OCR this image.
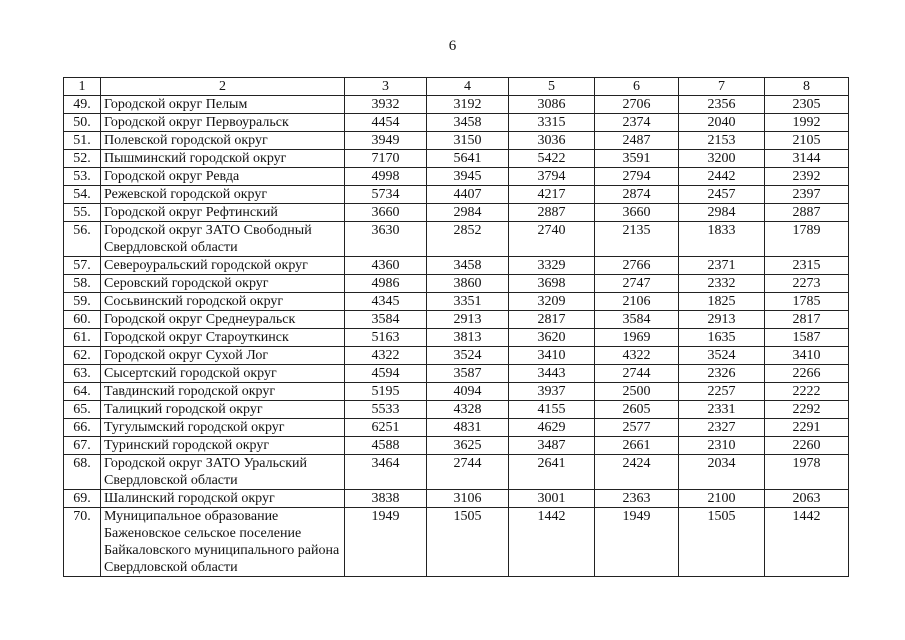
6
1	2	3	4	5	6	7	8
49.	Городской округ Пелым	3932	3192	3086	2706	2356	2305
50.	Городской округ Первоуральск	4454	3458	3315	2374	2040	1992
51.	Полевской городской округ	3949	3150	3036	2487	2153	2105
52.	Пышминский городской округ	7170	5641	5422	3591	3200	3144
53.	Городской округ Ревда	4998	3945	3794	2794	2442	2392
54.	Режевской городской округ	5734	4407	4217	2874	2457	2397
55.	Городской округ Рефтинский	3660	2984	2887	3660	2984	2887
56.	Городской округ ЗАТО Свободный Свердловской области	3630	2852	2740	2135	1833	1789
57.	Североуральский городской округ	4360	3458	3329	2766	2371	2315
58.	Серовский городской округ	4986	3860	3698	2747	2332	2273
59.	Сосьвинский городской округ	4345	3351	3209	2106	1825	1785
60.	Городской округ Среднеуральск	3584	2913	2817	3584	2913	2817
61.	Городской округ Староуткинск	5163	3813	3620	1969	1635	1587
62.	Городской округ Сухой Лог	4322	3524	3410	4322	3524	3410
63.	Сысертский городской округ	4594	3587	3443	2744	2326	2266
64.	Тавдинский городской округ	5195	4094	3937	2500	2257	2222
65.	Талицкий городской округ	5533	4328	4155	2605	2331	2292
66.	Тугулымский городской округ	6251	4831	4629	2577	2327	2291
67.	Туринский городской округ	4588	3625	3487	2661	2310	2260
68.	Городской округ ЗАТО Уральский Свердловской области	3464	2744	2641	2424	2034	1978
69.	Шалинский городской округ	3838	3106	3001	2363	2100	2063
70.	Муниципальное образование Баженовское сельское поселение Байкаловского муниципального района Свердловской области	1949	1505	1442	1949	1505	1442
